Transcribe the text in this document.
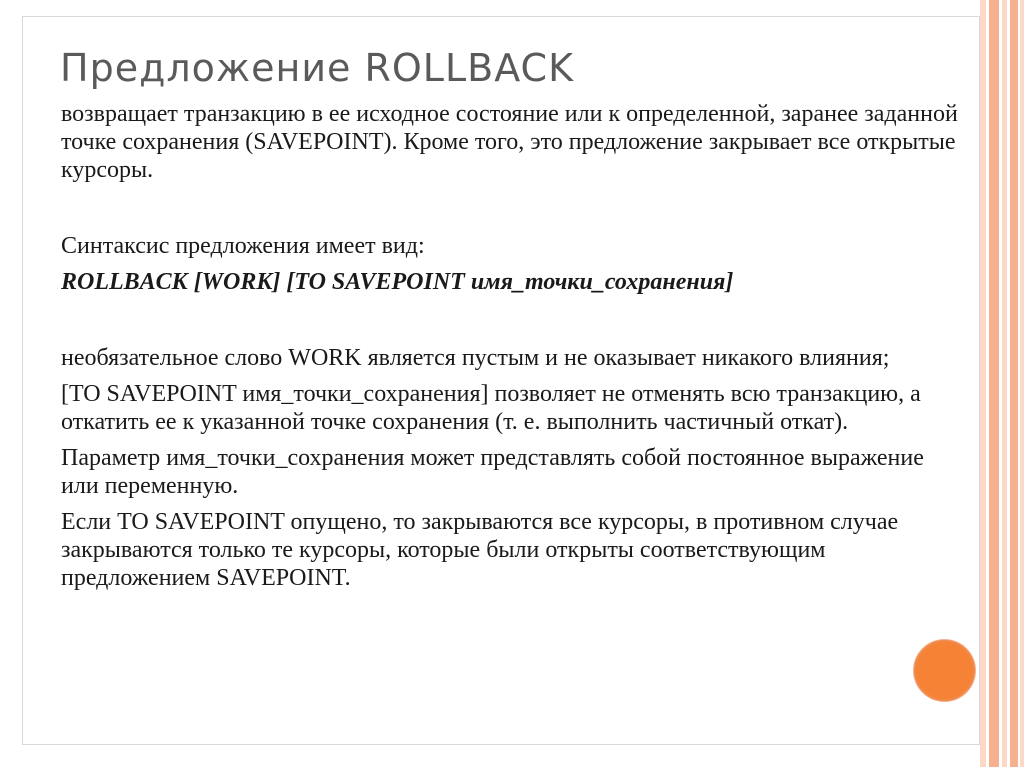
Предложение ROLLBACK

возвращает транзакцию в ее исходное состояние или к определенной, заранее заданной точке сохранения (SAVEPOINT). Кроме того, это предложение закрывает все открытые курсоры.

Синтаксис предложения имеет вид:

ROLLBACK [WORK] [TO SAVEPOINT имя_точки_сохранения]

необязательное слово WORK является пустым и не оказывает никакого влияния;

[TO SAVEPOINT имя_точки_сохранения] позволяет не отменять всю транзакцию, а откатить ее к указанной точке сохранения (т. е. выполнить частичный откат).

Параметр имя_точки_сохранения может представлять собой постоянное выражение или переменную.

Если TO SAVEPOINT опущено, то закрываются все курсоры, в противном случае закрываются только те курсоры, которые были открыты соответствующим предложением SAVEPOINT.
